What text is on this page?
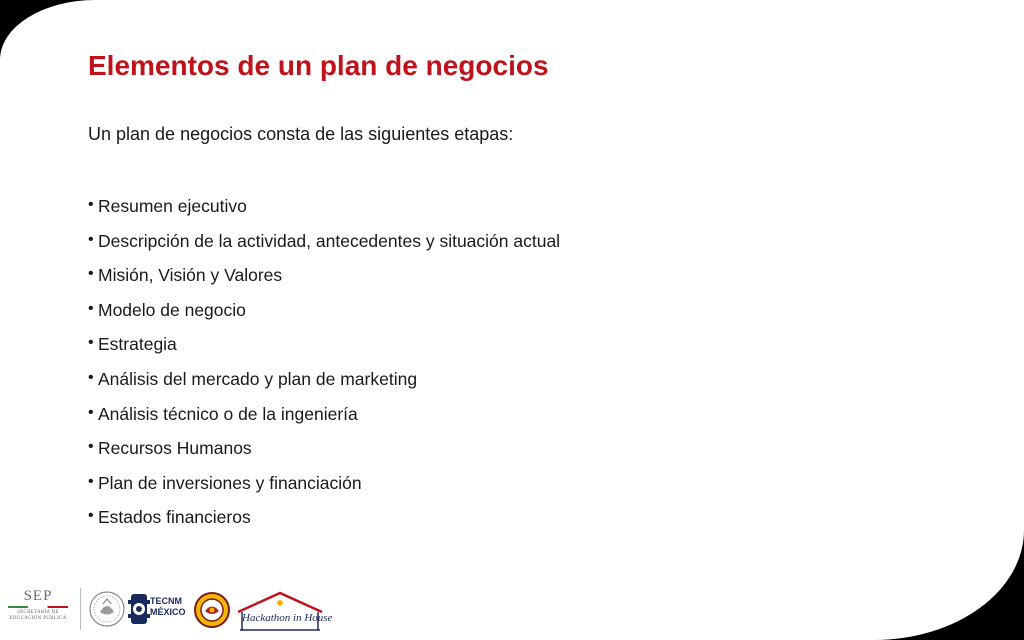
Elementos de un plan de negocios

Un plan de negocios consta de las siguientes etapas:

• Resumen ejecutivo
• Descripción de la actividad, antecedentes y situación actual
• Misión, Visión y Valores
• Modelo de negocio
• Estrategia
• Análisis del mercado y plan de marketing
• Análisis técnico o de la ingeniería
• Recursos Humanos
• Plan de inversiones y financiación
• Estados financieros
SEP
SECRETARÍA DE
EDUCACIÓN PÚBLICA
TECNM
MÉXICO	Hackathon in House
